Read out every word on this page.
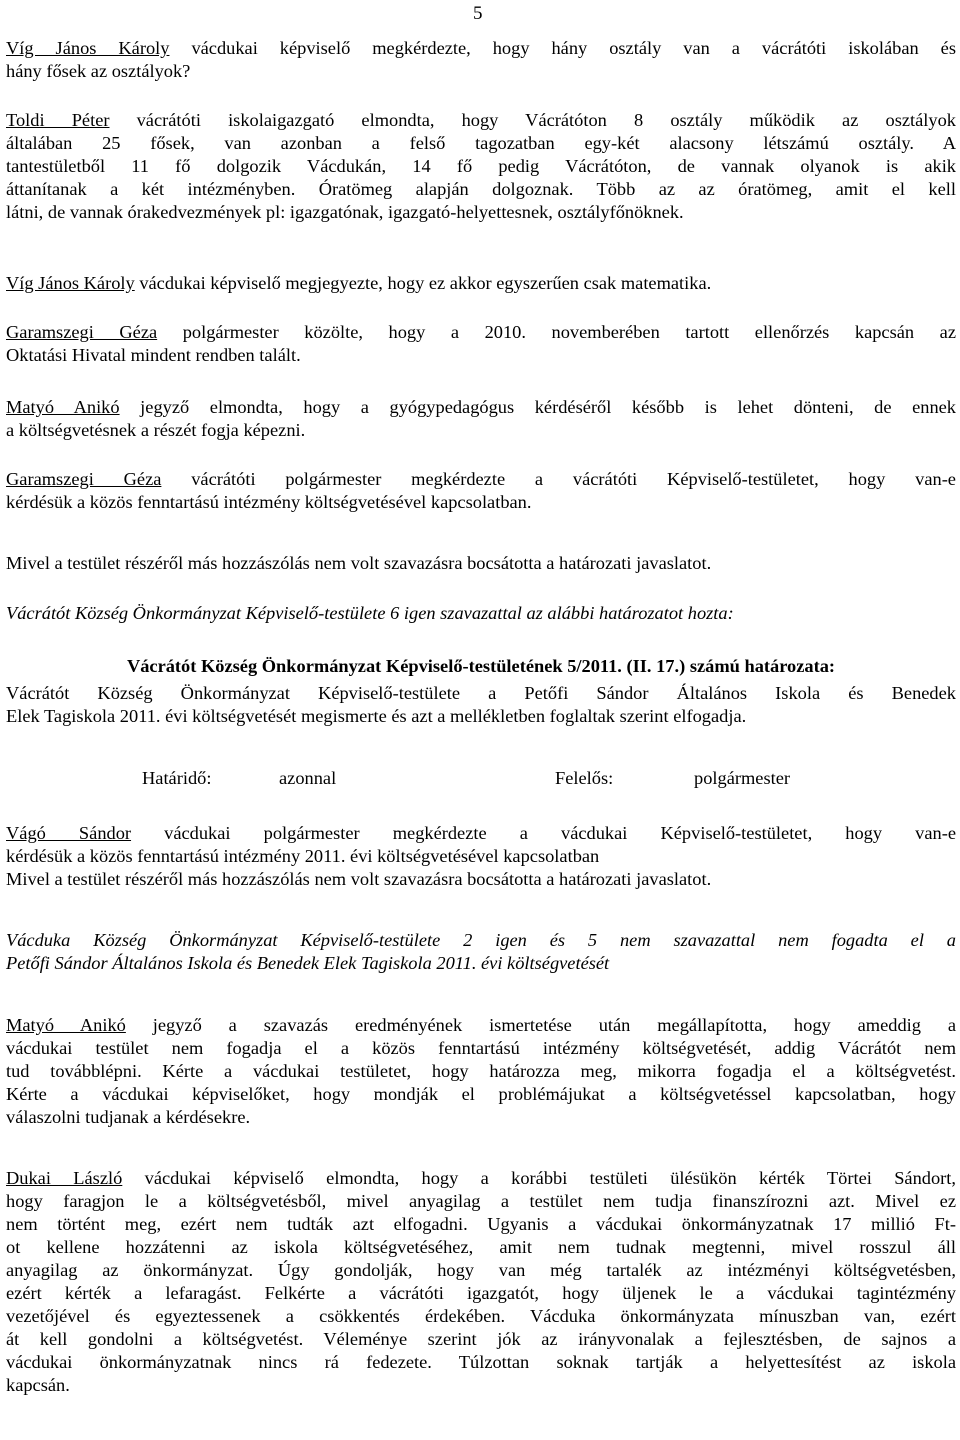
5
Víg János Károly vácdukai képviselő megkérdezte, hogy hány osztály van a vácrátóti iskolában és
hány fősek az osztályok?
Toldi Péter vácrátóti iskolaigazgató elmondta, hogy Vácrátóton 8 osztály működik az osztályok
általában 25 fősek, van azonban a felső tagozatban egy-két alacsony létszámú osztály. A
tantestületből 11 fő dolgozik Vácdukán, 14 fő pedig Vácrátóton, de vannak olyanok is akik
áttanítanak a két intézményben. Óratömeg alapján dolgoznak. Több az az óratömeg, amit el kell
látni, de vannak órakedvezmények pl: igazgatónak, igazgató-helyettesnek, osztályfőnöknek.
Víg János Károly vácdukai képviselő megjegyezte, hogy ez akkor egyszerűen csak matematika.
Garamszegi Géza polgármester közölte, hogy a 2010. novemberében tartott ellenőrzés kapcsán az
Oktatási Hivatal mindent rendben talált.
Matyó Anikó jegyző elmondta, hogy a gyógypedagógus kérdéséről később is lehet dönteni, de ennek
a költségvetésnek a részét fogja képezni.
Garamszegi Géza vácrátóti polgármester megkérdezte a vácrátóti Képviselő-testületet, hogy van-e
kérdésük a közös fenntartású intézmény költségvetésével kapcsolatban.
Mivel a testület részéről más hozzászólás nem volt szavazásra bocsátotta a határozati javaslatot.
Vácrátót Község Önkormányzat Képviselő-testülete 6 igen szavazattal az alábbi határozatot hozta:
Vácrátót Község Önkormányzat Képviselő-testületének 5/2011. (II. 17.) számú határozata:
Vácrátót Község Önkormányzat Képviselő-testülete a Petőfi Sándor Általános Iskola és Benedek
Elek Tagiskola 2011. évi költségvetését megismerte és azt a mellékletben foglaltak szerint elfogadja.
Határidő:	azonnal	Felelős:	polgármester
Vágó Sándor vácdukai polgármester megkérdezte a vácdukai Képviselő-testületet, hogy van-e
kérdésük a közös fenntartású intézmény 2011. évi költségvetésével kapcsolatban
Mivel a testület részéről más hozzászólás nem volt szavazásra bocsátotta a határozati javaslatot.
Vácduka Község Önkormányzat Képviselő-testülete 2 igen és 5 nem szavazattal nem fogadta el a
Petőfi Sándor Általános Iskola és Benedek Elek Tagiskola 2011. évi költségvetését
Matyó Anikó jegyző a szavazás eredményének ismertetése után megállapította, hogy ameddig a
vácdukai testület nem fogadja el a közös fenntartású intézmény költségvetését, addig Vácrátót nem
tud továbblépni. Kérte a vácdukai testületet, hogy határozza meg, mikorra fogadja el a költségvetést.
Kérte a vácdukai képviselőket, hogy mondják el problémájukat a költségvetéssel kapcsolatban, hogy
válaszolni tudjanak a kérdésekre.
Dukai László vácdukai képviselő elmondta, hogy a korábbi testületi ülésükön kérték Törtei Sándort,
hogy faragjon le a költségvetésből, mivel anyagilag a testület nem tudja finanszírozni azt. Mivel ez
nem történt meg, ezért nem tudták azt elfogadni. Ugyanis a vácdukai önkormányzatnak 17 millió Ft-
ot kellene hozzátenni az iskola költségvetéséhez, amit nem tudnak megtenni, mivel rosszul áll
anyagilag az önkormányzat. Úgy gondolják, hogy van még tartalék az intézményi költségvetésben,
ezért kérték a lefaragást. Felkérte a vácrátóti igazgatót, hogy üljenek le a vácdukai tagintézmény
vezetőjével és egyeztessenek a csökkentés érdekében. Vácduka önkormányzata mínuszban van, ezért
át kell gondolni a költségvetést. Véleménye szerint jók az irányvonalak a fejlesztésben, de sajnos a
vácdukai önkormányzatnak nincs rá fedezete. Túlzottan soknak tartják a helyettesítést az iskola
kapcsán.
